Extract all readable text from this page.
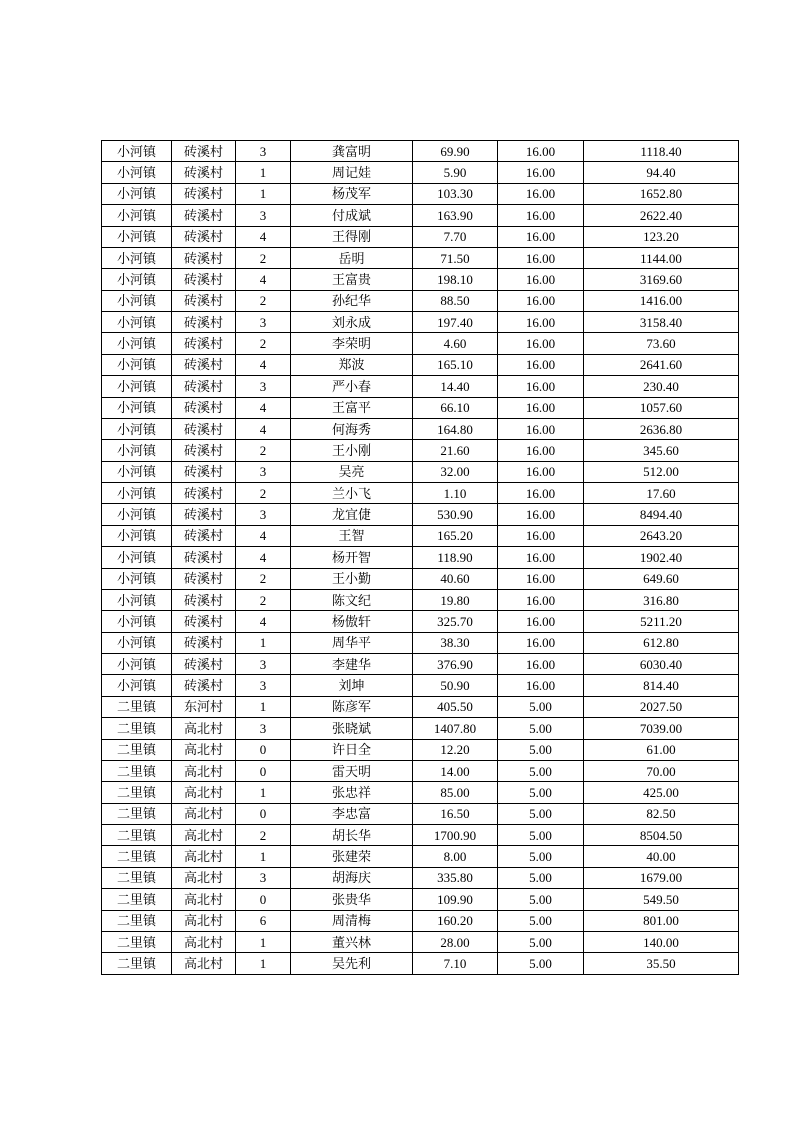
小河镇	砖溪村	3	龚富明	69.90	16.00	1118.40
小河镇	砖溪村	1	周记娃	5.90	16.00	94.40
小河镇	砖溪村	1	杨茂军	103.30	16.00	1652.80
小河镇	砖溪村	3	付成斌	163.90	16.00	2622.40
小河镇	砖溪村	4	王得刚	7.70	16.00	123.20
小河镇	砖溪村	2	岳明	71.50	16.00	1144.00
小河镇	砖溪村	4	王富贵	198.10	16.00	3169.60
小河镇	砖溪村	2	孙纪华	88.50	16.00	1416.00
小河镇	砖溪村	3	刘永成	197.40	16.00	3158.40
小河镇	砖溪村	2	李荣明	4.60	16.00	73.60
小河镇	砖溪村	4	郑波	165.10	16.00	2641.60
小河镇	砖溪村	3	严小春	14.40	16.00	230.40
小河镇	砖溪村	4	王富平	66.10	16.00	1057.60
小河镇	砖溪村	4	何海秀	164.80	16.00	2636.80
小河镇	砖溪村	2	王小刚	21.60	16.00	345.60
小河镇	砖溪村	3	吴亮	32.00	16.00	512.00
小河镇	砖溪村	2	兰小飞	1.10	16.00	17.60
小河镇	砖溪村	3	龙宜倢	530.90	16.00	8494.40
小河镇	砖溪村	4	王智	165.20	16.00	2643.20
小河镇	砖溪村	4	杨开智	118.90	16.00	1902.40
小河镇	砖溪村	2	王小勤	40.60	16.00	649.60
小河镇	砖溪村	2	陈文纪	19.80	16.00	316.80
小河镇	砖溪村	4	杨傲轩	325.70	16.00	5211.20
小河镇	砖溪村	1	周华平	38.30	16.00	612.80
小河镇	砖溪村	3	李建华	376.90	16.00	6030.40
小河镇	砖溪村	3	刘坤	50.90	16.00	814.40
二里镇	东河村	1	陈彦军	405.50	5.00	2027.50
二里镇	高北村	3	张晓斌	1407.80	5.00	7039.00
二里镇	高北村	0	许日全	12.20	5.00	61.00
二里镇	高北村	0	雷天明	14.00	5.00	70.00
二里镇	高北村	1	张忠祥	85.00	5.00	425.00
二里镇	高北村	0	李忠富	16.50	5.00	82.50
二里镇	高北村	2	胡长华	1700.90	5.00	8504.50
二里镇	高北村	1	张建荣	8.00	5.00	40.00
二里镇	高北村	3	胡海庆	335.80	5.00	1679.00
二里镇	高北村	0	张贵华	109.90	5.00	549.50
二里镇	高北村	6	周清梅	160.20	5.00	801.00
二里镇	高北村	1	董兴林	28.00	5.00	140.00
二里镇	高北村	1	吴先利	7.10	5.00	35.50
